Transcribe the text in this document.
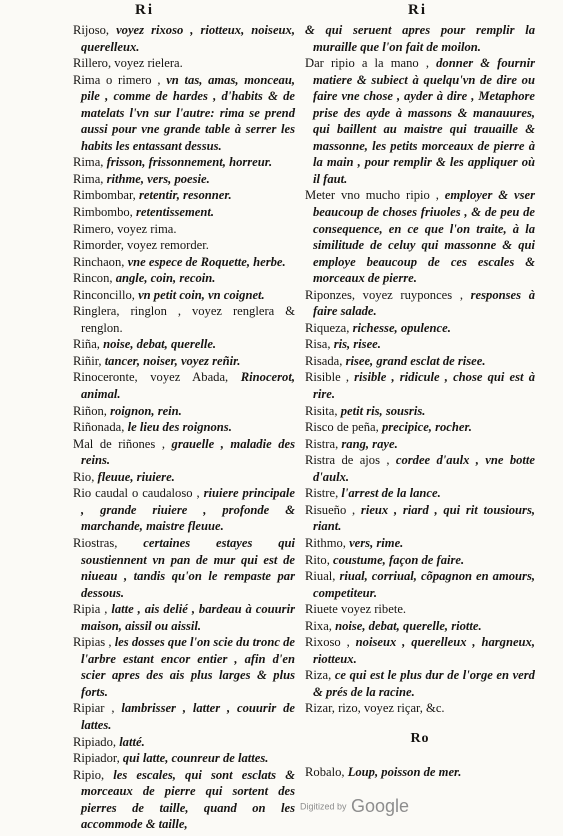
Ri	Ri
Rijoso, voyez rixoso , riotteux, noiseux, querelleux.
Rillero, voyez rielera.
Rima o rimero , vn tas, amas, monceau, pile , comme de hardes , d'habits & de matelats l'vn sur l'autre: rima se prend aussi pour vne grande table à serrer les habits les entassant dessus.
Rima, frisson, frissonnement, horreur.
Rima, rithme, vers, poesie.
Rimbombar, retentir, resonner.
Rimbombo, retentissement.
Rimero, voyez rima.
Rimorder, voyez remorder.
Rinchaon, vne espece de Roquette, herbe.
Rincon, angle, coin, recoin.
Rinconcillo, vn petit coin, vn coignet.
Ringlera, ringlon , voyez renglera & renglon.
Riña, noise, debat, querelle.
Riñir, tancer, noiser, voyez reñir.
Rinoceronte, voyez Abada, Rinocerot, animal.
Riñon, roignon, rein.
Riñonada, le lieu des roignons.
Mal de riñones , grauelle , maladie des reins.
Rio, fleuue, riuiere.
Rio caudal o caudaloso , riuiere principale , grande riuiere , profonde & marchande, maistre fleuue.
Riostras, certaines estayes qui soustiennent vn pan de mur qui est de niueau , tandis qu'on le rempaste par dessous.
Ripia , latte , ais delié , bardeau à couurir maison, aissil ou aissil.
Ripias , les dosses que l'on scie du tronc de l'arbre estant encor entier , afin d'en scier apres des ais plus larges & plus forts.
Ripiar , lambrisser , latter , couurir de lattes.
Ripiado, latté.
Ripiador, qui latte, counreur de lattes.
Ripio, les escales, qui sont esclats & morceaux de pierre qui sortent des pierres de taille, quand on les accommode & taille,
& qui seruent apres pour remplir la muraille que l'on fait de moilon.
Dar ripio a la mano , donner & fournir matiere & subiect à quelqu'vn de dire ou faire vne chose , ayder à dire , Metaphore prise des ayde à massons & manauures, qui baillent au maistre qui trauaille & massonne, les petits morceaux de pierre à la main , pour remplir & les appliquer où il faut.
Meter vno mucho ripio , employer & vser beaucoup de choses friuoles , & de peu de consequence, en ce que l'on traite, à la similitude de celuy qui massonne & qui employe beaucoup de ces escales & morceaux de pierre.
Riponzes, voyez ruyponces , responses à faire salade.
Riqueza, richesse, opulence.
Risa, ris, risee.
Risada, risee, grand esclat de risee.
Risible , risible , ridicule , chose qui est à rire.
Risita, petit ris, sousris.
Risco de peña, precipice, rocher.
Ristra, rang, raye.
Ristra de ajos , cordee d'aulx , vne botte d'aulx.
Ristre, l'arrest de la lance.
Risueño , rieux , riard , qui rit tousiours, riant.
Rithmo, vers, rime.
Rito, coustume, façon de faire.
Riual, riual, corriual, cõpagnon en amours, competiteur.
Riuete voyez ribete.
Rixa, noise, debat, querelle, riotte.
Rixoso , noiseux , querelleux , hargneux, riotteux.
Riza, ce qui est le plus dur de l'orge en verd & prés de la racine.
Rizar, rizo, voyez riçar, &c.
Ro
Robalo, Loup, poisson de mer.
Digitized by Google
